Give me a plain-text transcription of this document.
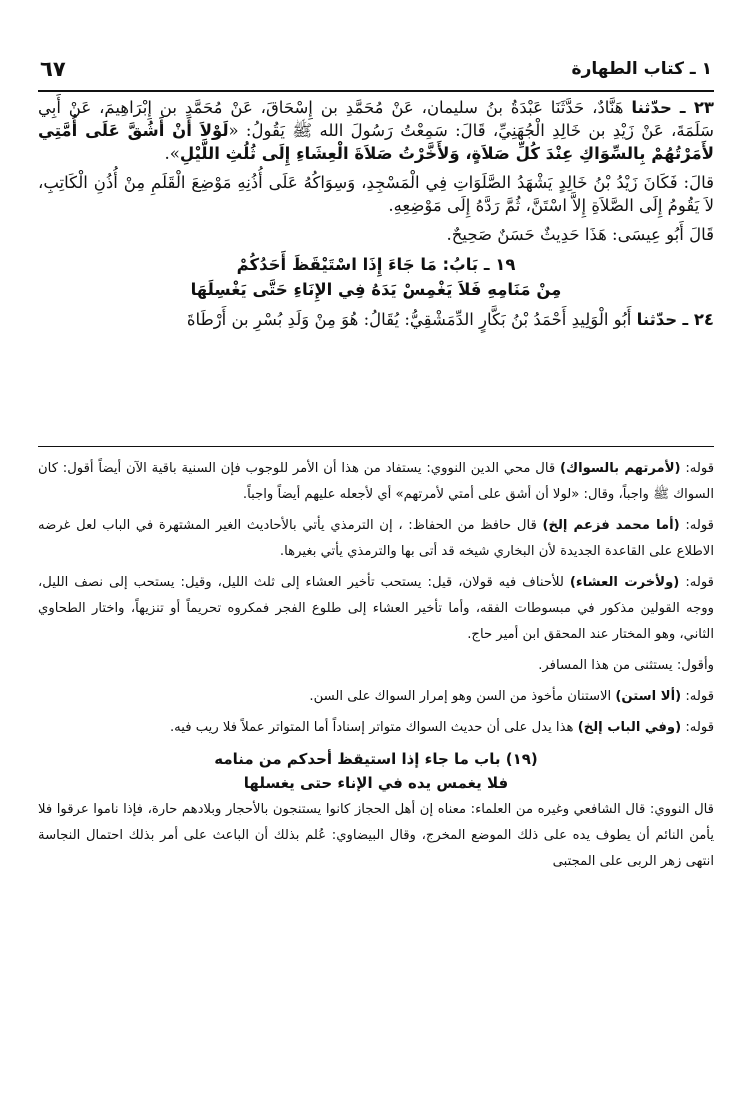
١ ـ كتاب الطهارة
٦٧

٢٣ ـ حدّثنا هَنَّادٌ، حَدَّثَنَا عَبْدَةُ بنُ سليمان، عَنْ مُحَمَّدِ بن إِسْحَاقَ، عَنْ مُحَمَّدِ بن إِبْرَاهِيمَ، عَنْ أَبِي سَلَمَةَ، عَنْ زَيْدِ بن خَالِدِ الْجُهَنِيِّ، قَالَ: سَمِعْتُ رَسُولَ الله ﷺ يَقُولُ: «لَوْلاَ أَنْ أَشُقَّ عَلَى أُمَّتِي لأَمَرْتُهُمْ بِالسِّوَاكِ عِنْدَ كُلِّ صَلاَةٍ، وَلأَخَّرْتُ صَلاَةَ الْعِشَاءِ إِلَى ثُلُثِ اللَّيْلِ».

قالَ: فَكَانَ زَيْدُ بْنُ خَالِدٍ يَشْهَدُ الصَّلَوَاتِ فِي الْمَسْجِدِ، وَسِوَاكُهُ عَلَى أُذُنِهِ مَوْضِعَ الْقَلَمِ مِنْ أُذُنِ الْكَاتِبِ، لاَ يَقُومُ إِلَى الصَّلاَةِ إِلاَّ اسْتَنَّ، ثُمَّ رَدَّهُ إِلَى مَوْضِعِهِ.

قَالَ أَبُو عِيسَى: هَذَا حَدِيثٌ حَسَنٌ صَحِيحٌ.

١٩ ـ بَابُ: مَا جَاءَ إِذَا اسْتَيْقَظَ أَحَدُكُمْ
مِنْ مَنَامِهِ فَلاَ يَغْمِسْ يَدَهُ فِي الإِنَاءِ حَتَّى يَغْسِلَهَا

٢٤ ـ حدّثنا أَبُو الْوَلِيدِ أَحْمَدُ بْنُ بَكَّارٍ الدِّمَشْقِيُّ: يُقَالُ: هُوَ مِنْ وَلَدِ بُسْرِ بن أَرْطَاةَ

قوله: (لأمرتهم بالسواك) قال محي الدين النووي: يستفاد من هذا أن الأمر للوجوب فإن السنية باقية الآن أيضاً أقول: كان السواك ﷺ واجباً، وقال: «لولا أن أشق على أمتي لأمرتهم» أي لأجعله عليهم أيضاً واجباً.

قوله: (أما محمد فزعم إلخ) قال حافظ من الحفاظ: ، إن الترمذي يأتي بالأحاديث الغير المشتهرة في الباب لعل غرضه الاطلاع على القاعدة الجديدة لأن البخاري شيخه قد أتى بها والترمذي يأتي بغيرها.

قوله: (ولأخرت العشاء) للأحناف فيه قولان، قيل: يستحب تأخير العشاء إلى ثلث الليل، وقيل: يستحب إلى نصف الليل، ووجه القولين مذكور في مبسوطات الفقه، وأما تأخير العشاء إلى طلوع الفجر فمكروه تحريماً أو تنزيهاً، واختار الطحاوي الثاني، وهو المختار عند المحقق ابن أمير حاج.

وأقول: يستثنى من هذا المسافر.

قوله: (ألا استن) الاستنان مأخوذ من السن وهو إمرار السواك على السن.

قوله: (وفي الباب إلخ) هذا يدل على أن حديث السواك متواتر إسناداً أما المتواتر عملاً فلا ريب فيه.

(١٩) باب ما جاء إذا استيقظ أحدكم من منامه
فلا يغمس يده في الإناء حتى يغسلها

قال النووي: قال الشافعي وغيره من العلماء: معناه إن أهل الحجاز كانوا يستنجون بالأحجار وبلادهم حارة، فإذا ناموا عرقوا فلا يأمن النائم أن يطوف يده على ذلك الموضع المخرج، وقال البيضاوي: عُلم بذلك أن الباعث على أمر بذلك احتمال النجاسة انتهى زهر الربى على المجتبى
